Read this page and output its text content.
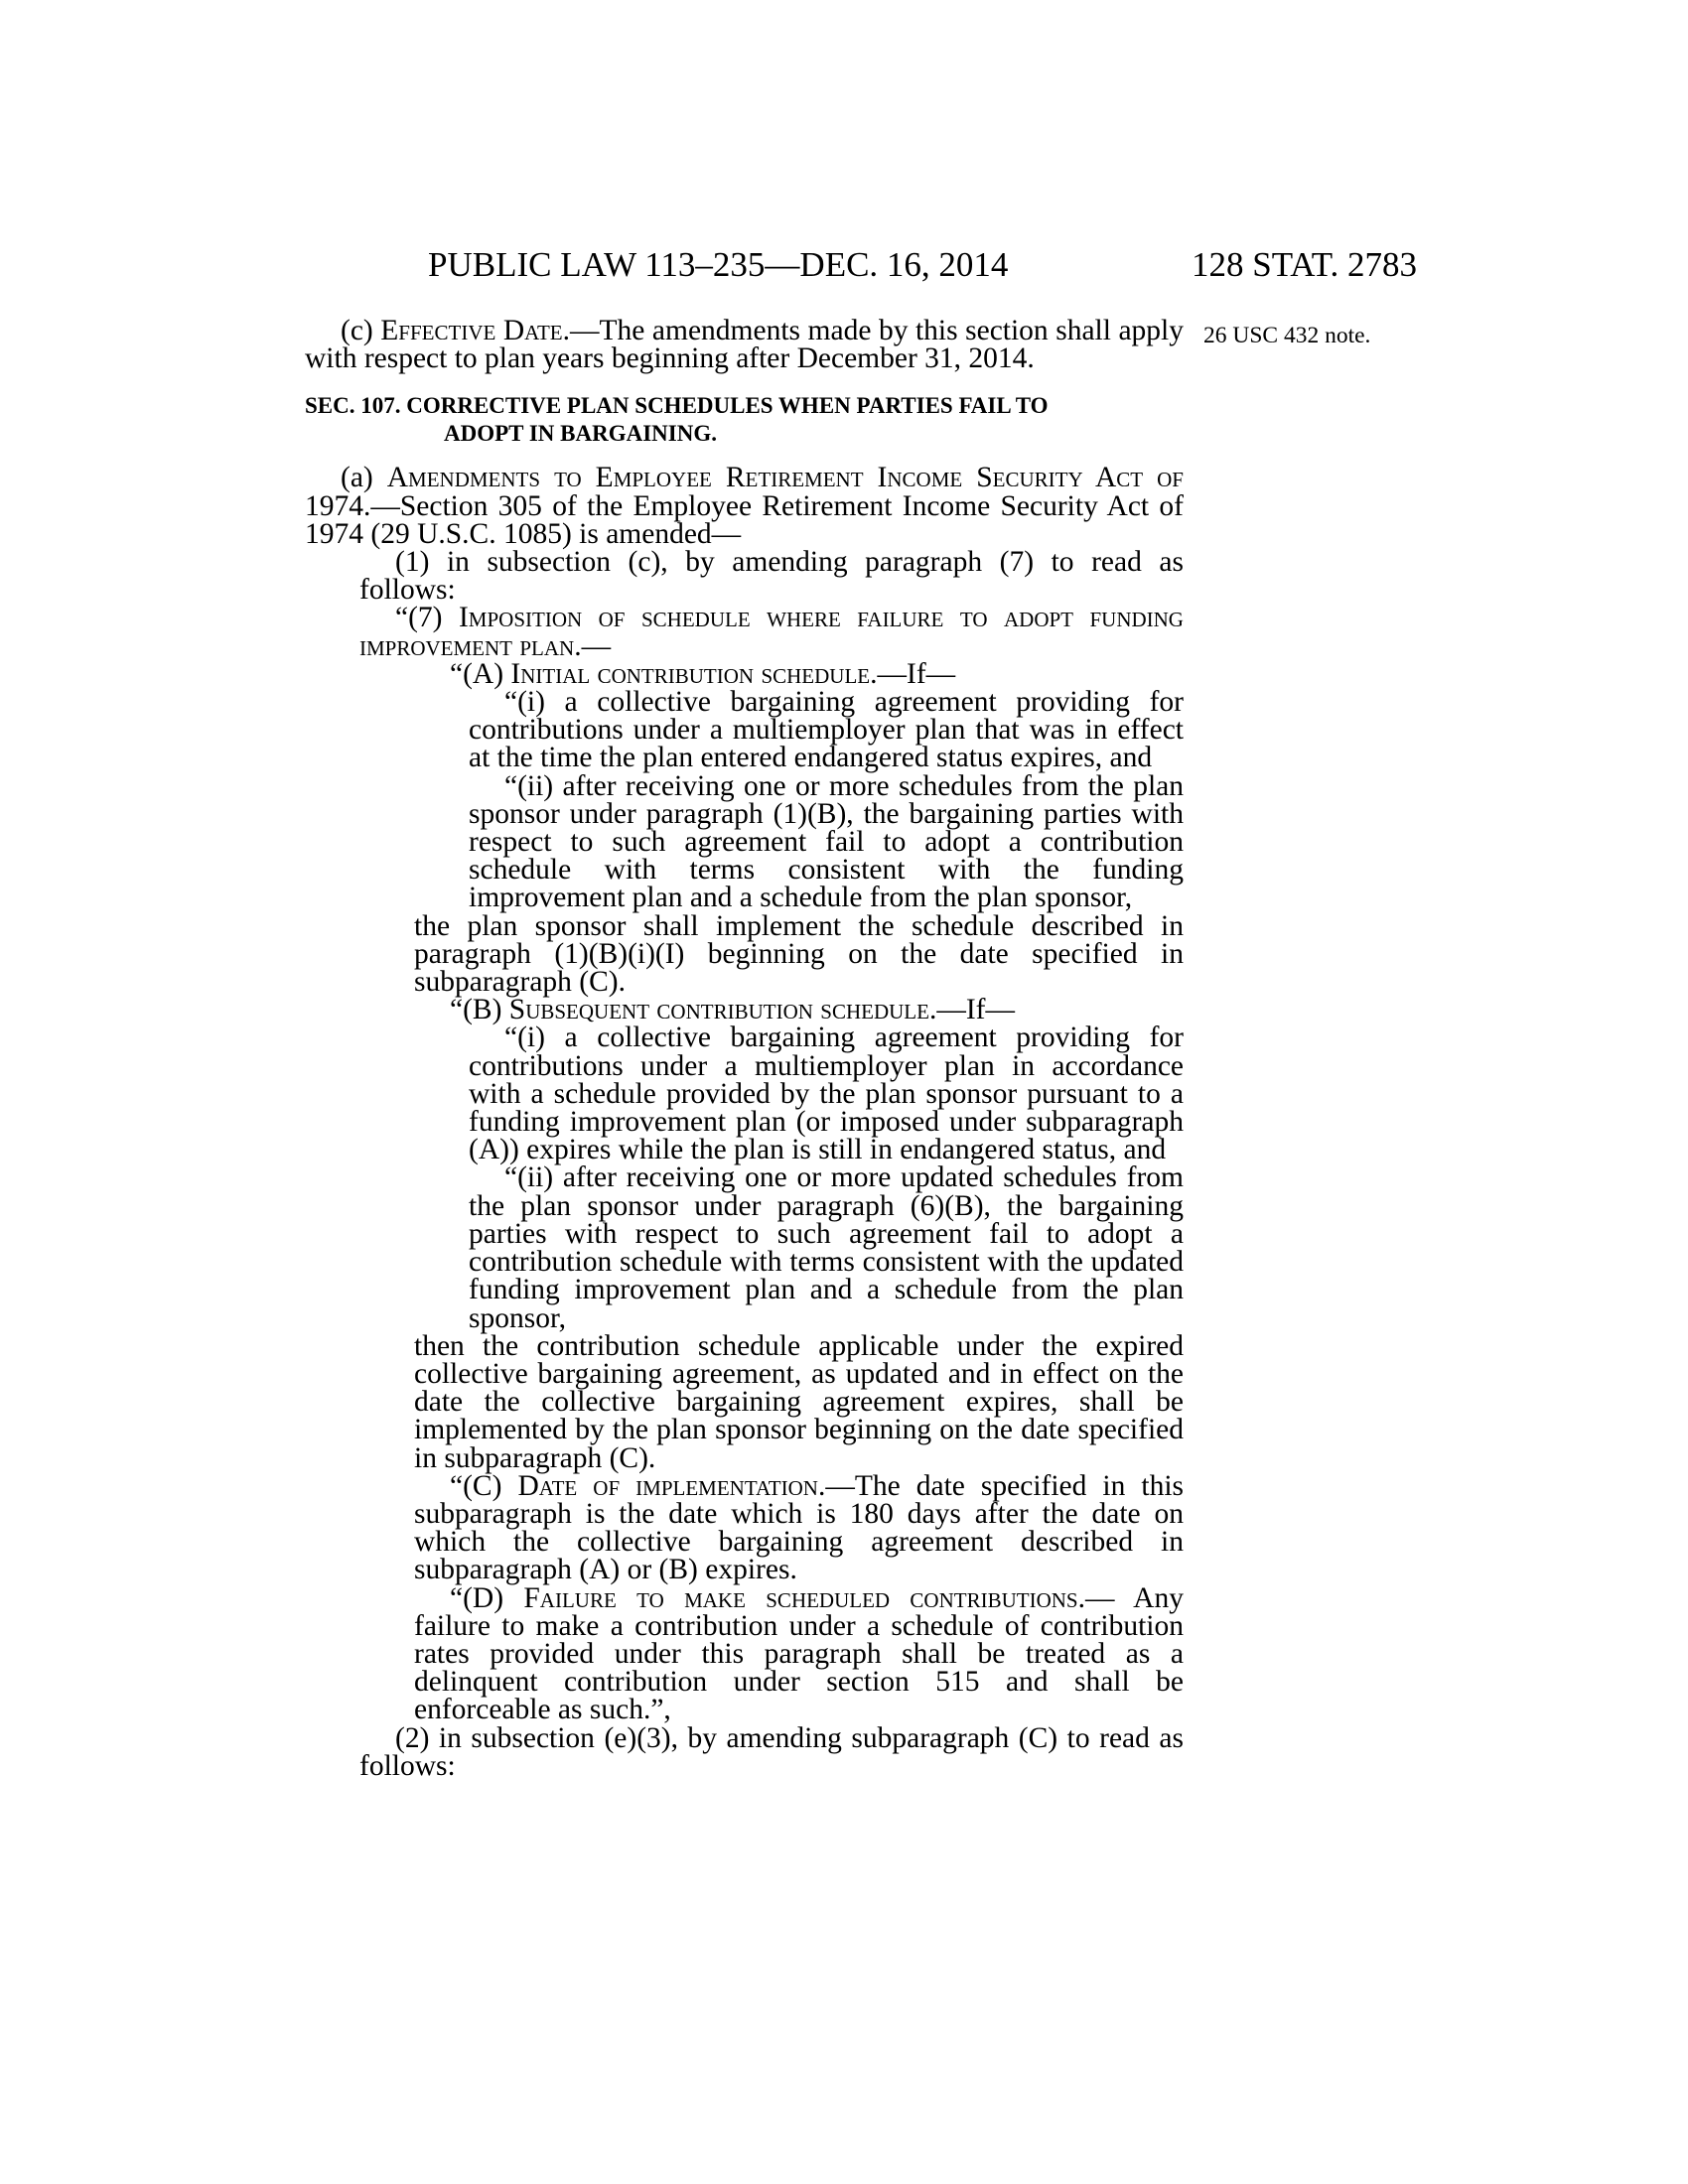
PUBLIC LAW 113–235—DEC. 16, 2014	128 STAT. 2783
26 USC 432 note.

(c) Effective Date.—The amendments made by this section shall apply with respect to plan years beginning after December 31, 2014.

SEC. 107. CORRECTIVE PLAN SCHEDULES WHEN PARTIES FAIL TO
ADOPT IN BARGAINING.

(a) Amendments to Employee Retirement Income Security Act of 1974.—Section 305 of the Employee Retirement Income Security Act of 1974 (29 U.S.C. 1085) is amended—

(1) in subsection (c), by amending paragraph (7) to read as follows:

“(7) Imposition of schedule where failure to adopt funding improvement plan.—

“(A) Initial contribution schedule.—If—

“(i) a collective bargaining agreement providing for contributions under a multiemployer plan that was in effect at the time the plan entered endangered status expires, and

“(ii) after receiving one or more schedules from the plan sponsor under paragraph (1)(B), the bargaining parties with respect to such agreement fail to adopt a contribution schedule with terms consistent with the funding improvement plan and a schedule from the plan sponsor,

the plan sponsor shall implement the schedule described in paragraph (1)(B)(i)(I) beginning on the date specified in subparagraph (C).

“(B) Subsequent contribution schedule.—If—

“(i) a collective bargaining agreement providing for contributions under a multiemployer plan in accordance with a schedule provided by the plan sponsor pursuant to a funding improvement plan (or imposed under subparagraph (A)) expires while the plan is still in endangered status, and

“(ii) after receiving one or more updated schedules from the plan sponsor under paragraph (6)(B), the bargaining parties with respect to such agreement fail to adopt a contribution schedule with terms consistent with the updated funding improvement plan and a schedule from the plan sponsor,

then the contribution schedule applicable under the expired collective bargaining agreement, as updated and in effect on the date the collective bargaining agreement expires, shall be implemented by the plan sponsor beginning on the date specified in subparagraph (C).

“(C) Date of implementation.—The date specified in this subparagraph is the date which is 180 days after the date on which the collective bargaining agreement described in subparagraph (A) or (B) expires.

“(D) Failure to make scheduled contributions.— Any failure to make a contribution under a schedule of contribution rates provided under this paragraph shall be treated as a delinquent contribution under section 515 and shall be enforceable as such.”,

(2) in subsection (e)(3), by amending subparagraph (C) to read as follows:
